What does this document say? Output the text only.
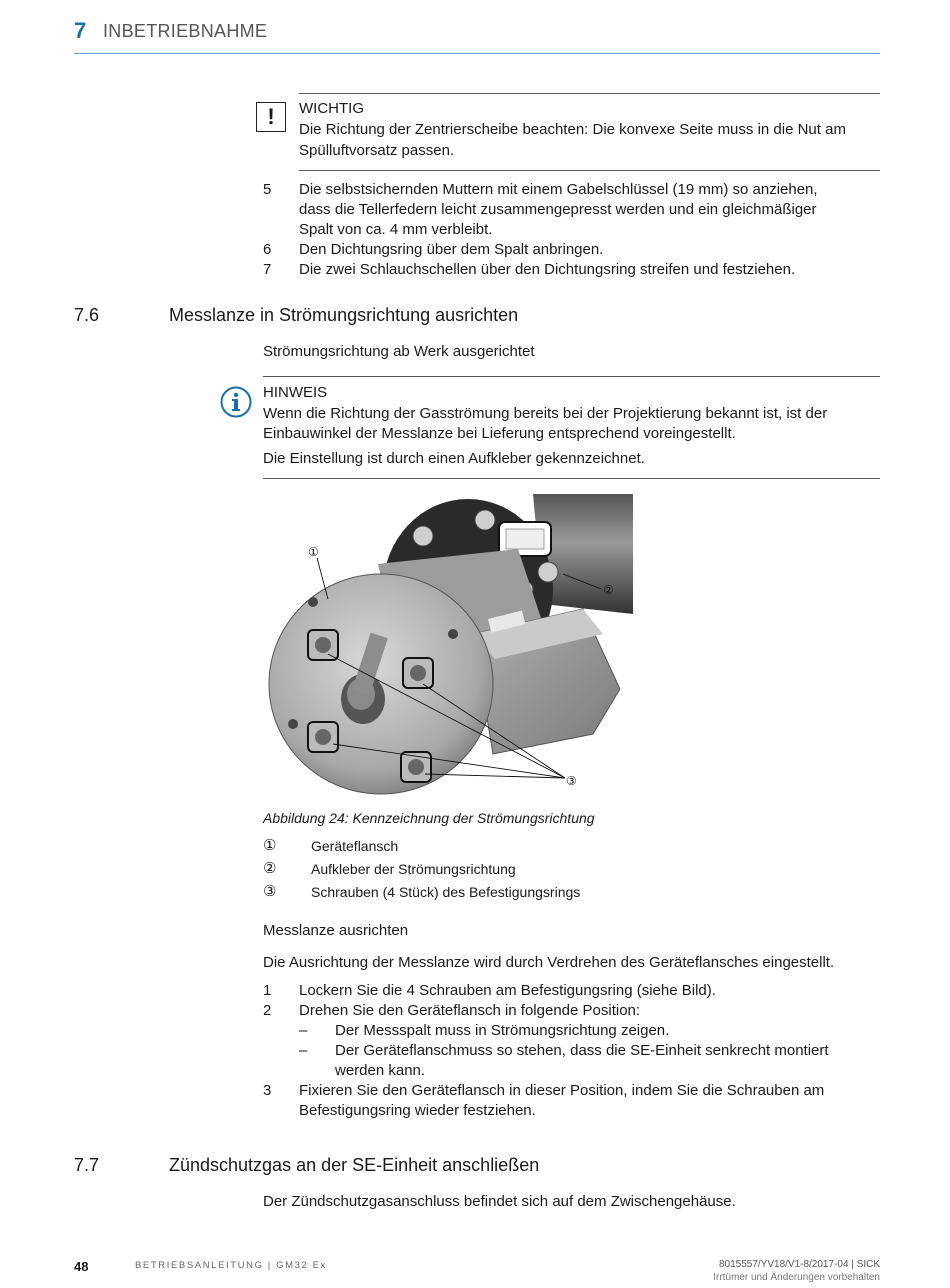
7 INBETRIEBNAHME
!	WICHTIG
Die Richtung der Zentrierscheibe beachten: Die konvexe Seite muss in die Nut am
Spülluftvorsatz passen.
5	Die selbstsichernden Muttern mit einem Gabelschlüssel (19 mm) so anziehen,
dass die Tellerfedern leicht zusammengepresst werden und ein gleichmäßiger
Spalt von ca. 4 mm verbleibt.
6	Den Dichtungsring über dem Spalt anbringen.
7	Die zwei Schlauchschellen über den Dichtungsring streifen und festziehen.
7.6	Messlanze in Strömungsrichtung ausrichten
Strömungsrichtung ab Werk ausgerichtet
HINWEIS
Wenn die Richtung der Gasströmung bereits bei der Projektierung bekannt ist, ist der
Einbauwinkel der Messlanze bei Lieferung entsprechend voreingestellt.
Die Einstellung ist durch einen Aufkleber gekennzeichnet.
①
②
③
Abbildung 24: Kennzeichnung der Strömungsrichtung
① Geräteflansch
② Aufkleber der Strömungsrichtung
③ Schrauben (4 Stück) des Befestigungsrings
Messlanze ausrichten
Die Ausrichtung der Messlanze wird durch Verdrehen des Geräteflansches eingestellt.
1	Lockern Sie die 4 Schrauben am Befestigungsring (siehe Bild).
2	Drehen Sie den Geräteflansch in folgende Position:
– Der Messspalt muss in Strömungsrichtung zeigen.
– Der Geräteflanschmuss so stehen, dass die SE-Einheit senkrecht montiert
werden kann.
3	Fixieren Sie den Geräteflansch in dieser Position, indem Sie die Schrauben am
Befestigungsring wieder festziehen.
7.7	Zündschutzgas an der SE-Einheit anschließen
Der Zündschutzgasanschluss befindet sich auf dem Zwischengehäuse.
48	BETRIEBSANLEITUNG | GM32 Ex	8015557/YV18/V1-8/2017-04 | SICK
Irrtümer und Änderungen vorbehalten
